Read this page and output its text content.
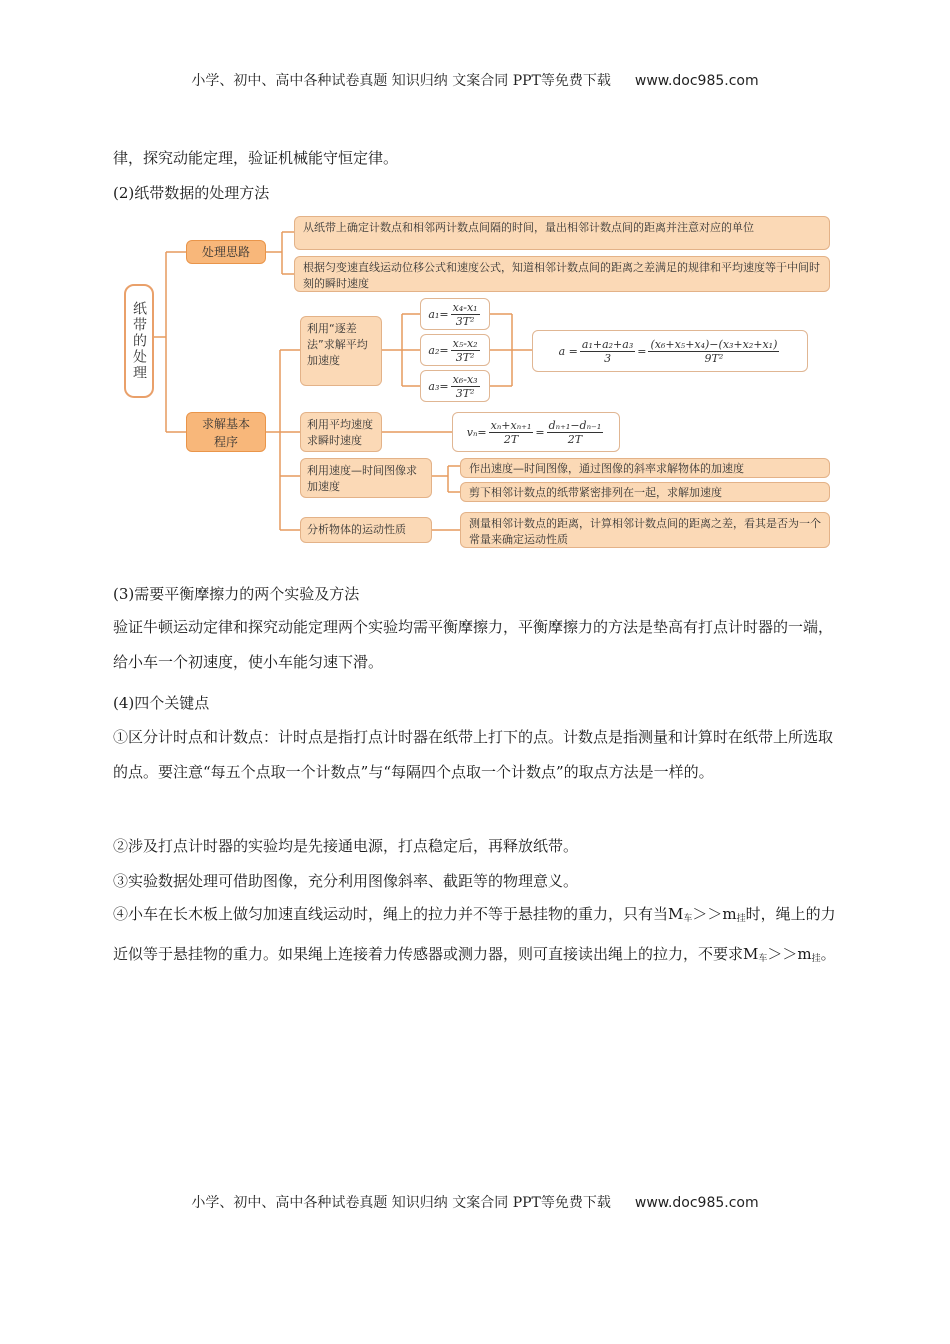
小学、初中、高中各种试卷真题 知识归纳 文案合同 PPT等免费下载 www.doc985.com
律，探究动能定理，验证机械能守恒定律。
(2)纸带数据的处理方法
纸带的处理
处理思路
求解基本程序
从纸带上确定计数点和相邻两计数点间隔的时间，量出相邻计数点间的距离并注意对应的单位
根据匀变速直线运动位移公式和速度公式，知道相邻计数点间的距离之差满足的规律和平均速度等于中间时刻的瞬时速度
利用“逐差法”求解平均加速度
利用平均速度求瞬时速度
利用速度—时间图像求加速度
分析物体的运动性质
$a_1= \frac{\text{x₄-x₁}}{\text{3T²}}$
$a_2= \frac{\text{x₅-x₂}}{\text{3T²}}$
$a_3= \frac{\text{x₆-x₃}}{\text{3T²}}$
$a = \frac{\text{a₁+a₂+a₃}}{3} = \frac{\text{(x₆+x₅+x₄)−(x₃+x₂+x₁)}}{\text{9T²}}$
$v_n= \frac{\text{xₙ+xₙ₊₁}}{2T} = \frac{\text{dₙ₊₁−dₙ₋₁}}{2T}$
作出速度—时间图像，通过图像的斜率求解物体的加速度
剪下相邻计数点的纸带紧密排列在一起，求解加速度
测量相邻计数点的距离，计算相邻计数点间的距离之差，看其是否为一个常量来确定运动性质
(3)需要平衡摩擦力的两个实验及方法
验证牛顿运动定律和探究动能定理两个实验均需平衡摩擦力，平衡摩擦力的方法是垫高有打点计时器的一端，给小车一个初速度，使小车能匀速下滑。
(4)四个关键点
①区分计时点和计数点：计时点是指打点计时器在纸带上打下的点。计数点是指测量和计算时在纸带上所选取的点。要注意“每五个点取一个计数点”与“每隔四个点取一个计数点”的取点方法是一样的。
②涉及打点计时器的实验均是先接通电源，打点稳定后，再释放纸带。
③实验数据处理可借助图像，充分利用图像斜率、截距等的物理意义。
④小车在长木板上做匀加速直线运动时，绳上的拉力并不等于悬挂物的重力，只有当$M_车>>m_挂$时，绳上的力近似等于悬挂物的重力。如果绳上连接着力传感器或测力器，则可直接读出绳上的拉力，不要求$M_车>>m_挂$。
小学、初中、高中各种试卷真题 知识归纳 文案合同 PPT等免费下载 www.doc985.com
